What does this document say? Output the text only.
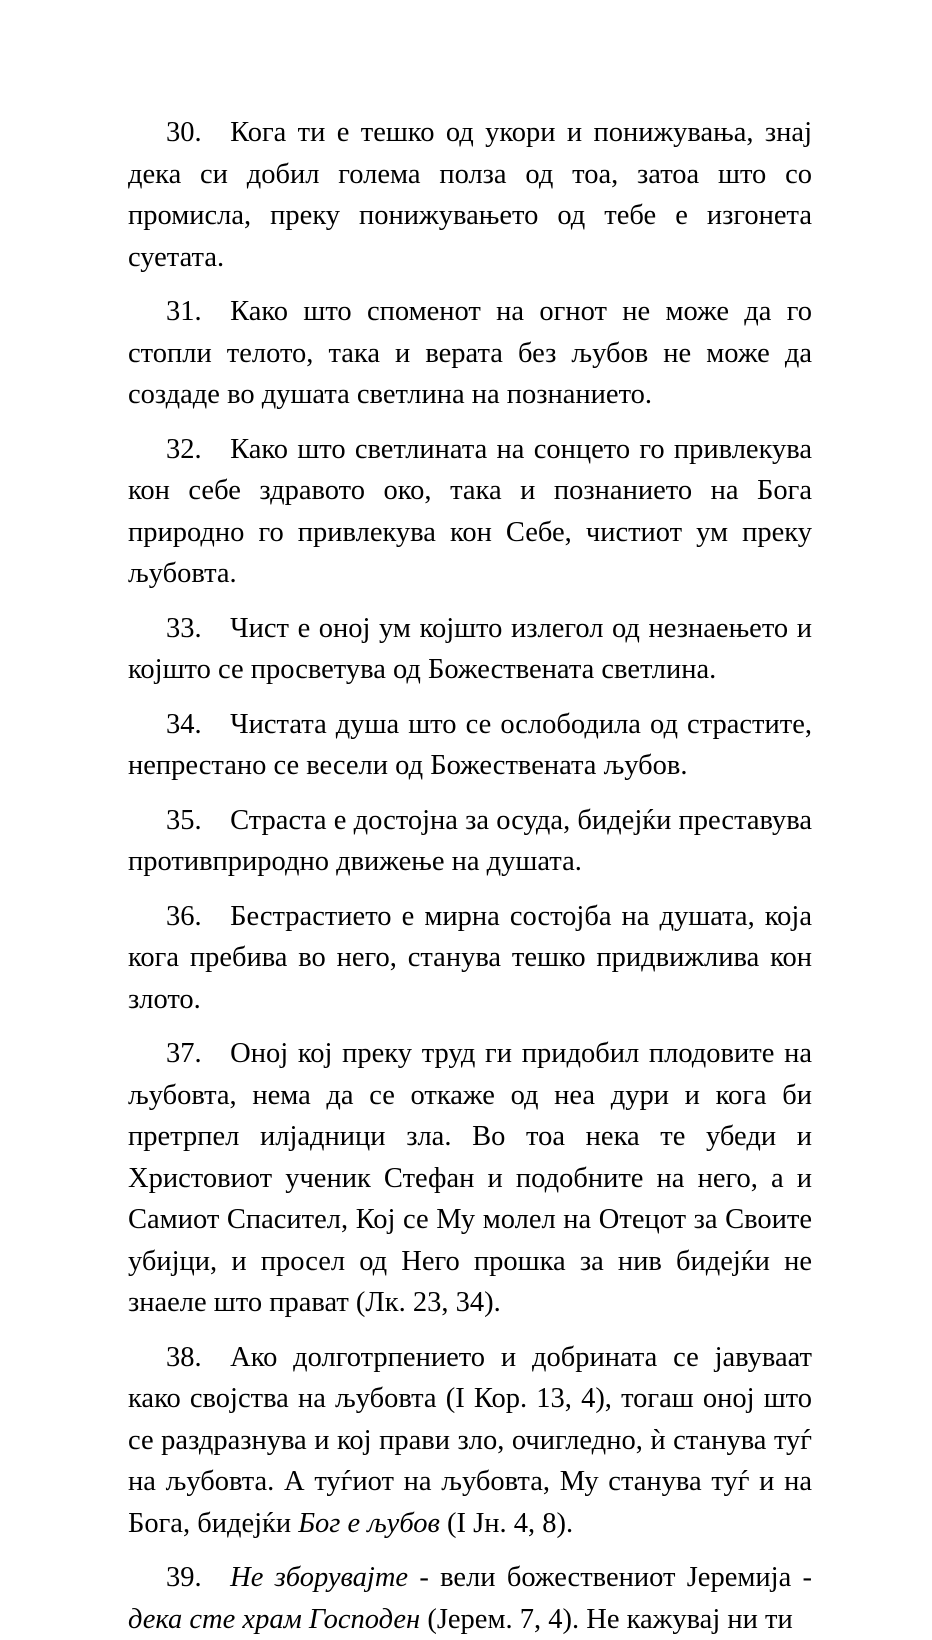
30. Кога ти е тешко од укори и понижувања, знај дека си добил голема полза од тоа, затоа што со промисла, преку понижувањето од тебе е изгонета суетата.

31. Како што споменот на огнот не може да го стопли телото, така и верата без љубов не може да создаде во душата светлина на познанието.

32. Како што светлината на сонцето го привлекува кон себе здравото око, така и познанието на Бога природно го привлекува кон Себе, чистиот ум преку љубовта.

33. Чист е оној ум којшто излегол од незнаењето и којшто се просветува од Божествената светлина.

34. Чистата душа што се ослободила од страстите, непрестано се весели од Божествената љубов.

35. Страста е достојна за осуда, бидејќи преставува противприродно движење на душата.

36. Бестрастието е мирна состојба на душата, која кога пребива во него, станува тешко придвижлива кон злото.

37. Оној кој преку труд ги придобил плодовите на љубовта, нема да се откаже од неа дури и кога би претрпел илјадници зла. Во тоа нека те убеди и Христовиот ученик Стефан и подобните на него, а и Самиот Спасител, Кој се Му молел на Отецот за Своите убијци, и просел од Него прошка за нив бидејќи не знаеле што прават (Лк. 23, 34).

38. Ако долготрпението и добрината се јавуваат како својства на љубовта (I Кор. 13, 4), тогаш оној што се раздразнува и кој прави зло, очигледно, ѝ станува туѓ на љубовта. А туѓиот на љубовта, Му станува туѓ и на Бога, бидејќи Бог е љубов (I Јн. 4, 8).

39. Не зборувајте - вели божествениот Јеремија - дека сте храм Господен (Јерем. 7, 4). Не кажувај ни ти
